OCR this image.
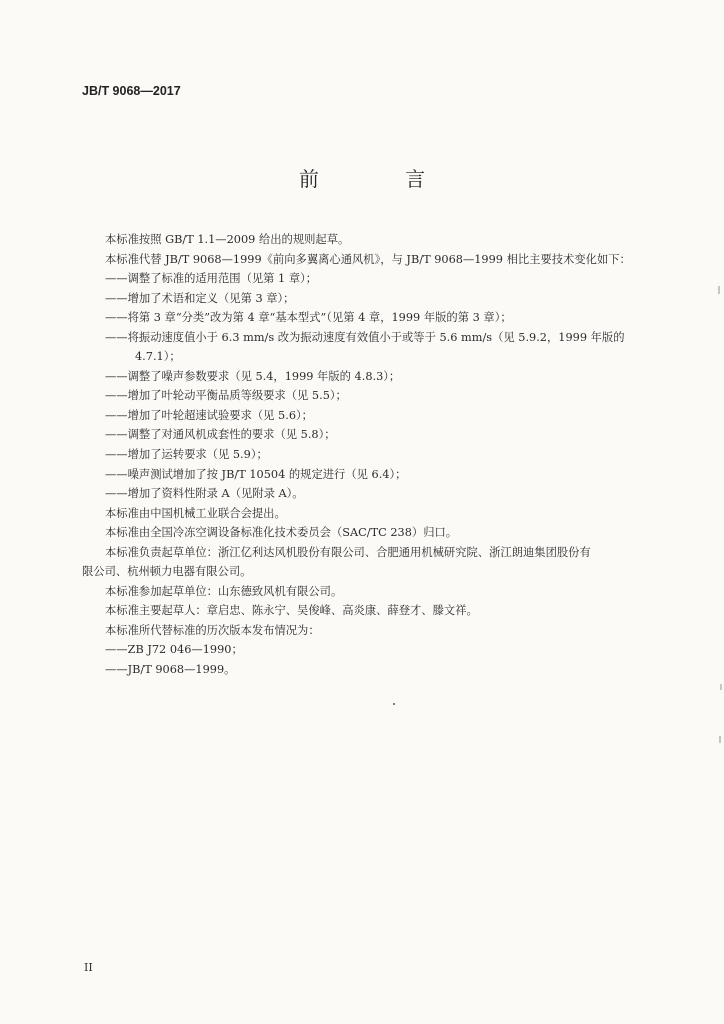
JB/T 9068—2017
前 言
本标准按照 GB/T 1.1—2009 给出的规则起草。
本标准代替 JB/T 9068—1999《前向多翼离心通风机》，与 JB/T 9068—1999 相比主要技术变化如下：
——调整了标准的适用范围（见第 1 章）；
——增加了术语和定义（见第 3 章）；
——将第 3 章“分类”改为第 4 章“基本型式”（见第 4 章，1999 年版的第 3 章）；
——将振动速度值小于 6.3 mm/s 改为振动速度有效值小于或等于 5.6 mm/s（见 5.9.2，1999 年版的
4.7.1）；
——调整了噪声参数要求（见 5.4，1999 年版的 4.8.3）；
——增加了叶轮动平衡品质等级要求（见 5.5）；
——增加了叶轮超速试验要求（见 5.6）；
——调整了对通风机成套性的要求（见 5.8）；
——增加了运转要求（见 5.9）；
——噪声测试增加了按 JB/T 10504 的规定进行（见 6.4）；
——增加了资料性附录 A（见附录 A）。
本标准由中国机械工业联合会提出。
本标准由全国冷冻空调设备标准化技术委员会（SAC/TC 238）归口。
本标准负责起草单位：浙江亿利达风机股份有限公司、合肥通用机械研究院、浙江朗迪集团股份有
限公司、杭州顿力电器有限公司。
本标准参加起草单位：山东德致风机有限公司。
本标准主要起草人：章启忠、陈永宁、吴俊峰、高炎康、薛登才、滕文祥。
本标准所代替标准的历次版本发布情况为：
——ZB J72 046—1990；
——JB/T 9068—1999。
II
